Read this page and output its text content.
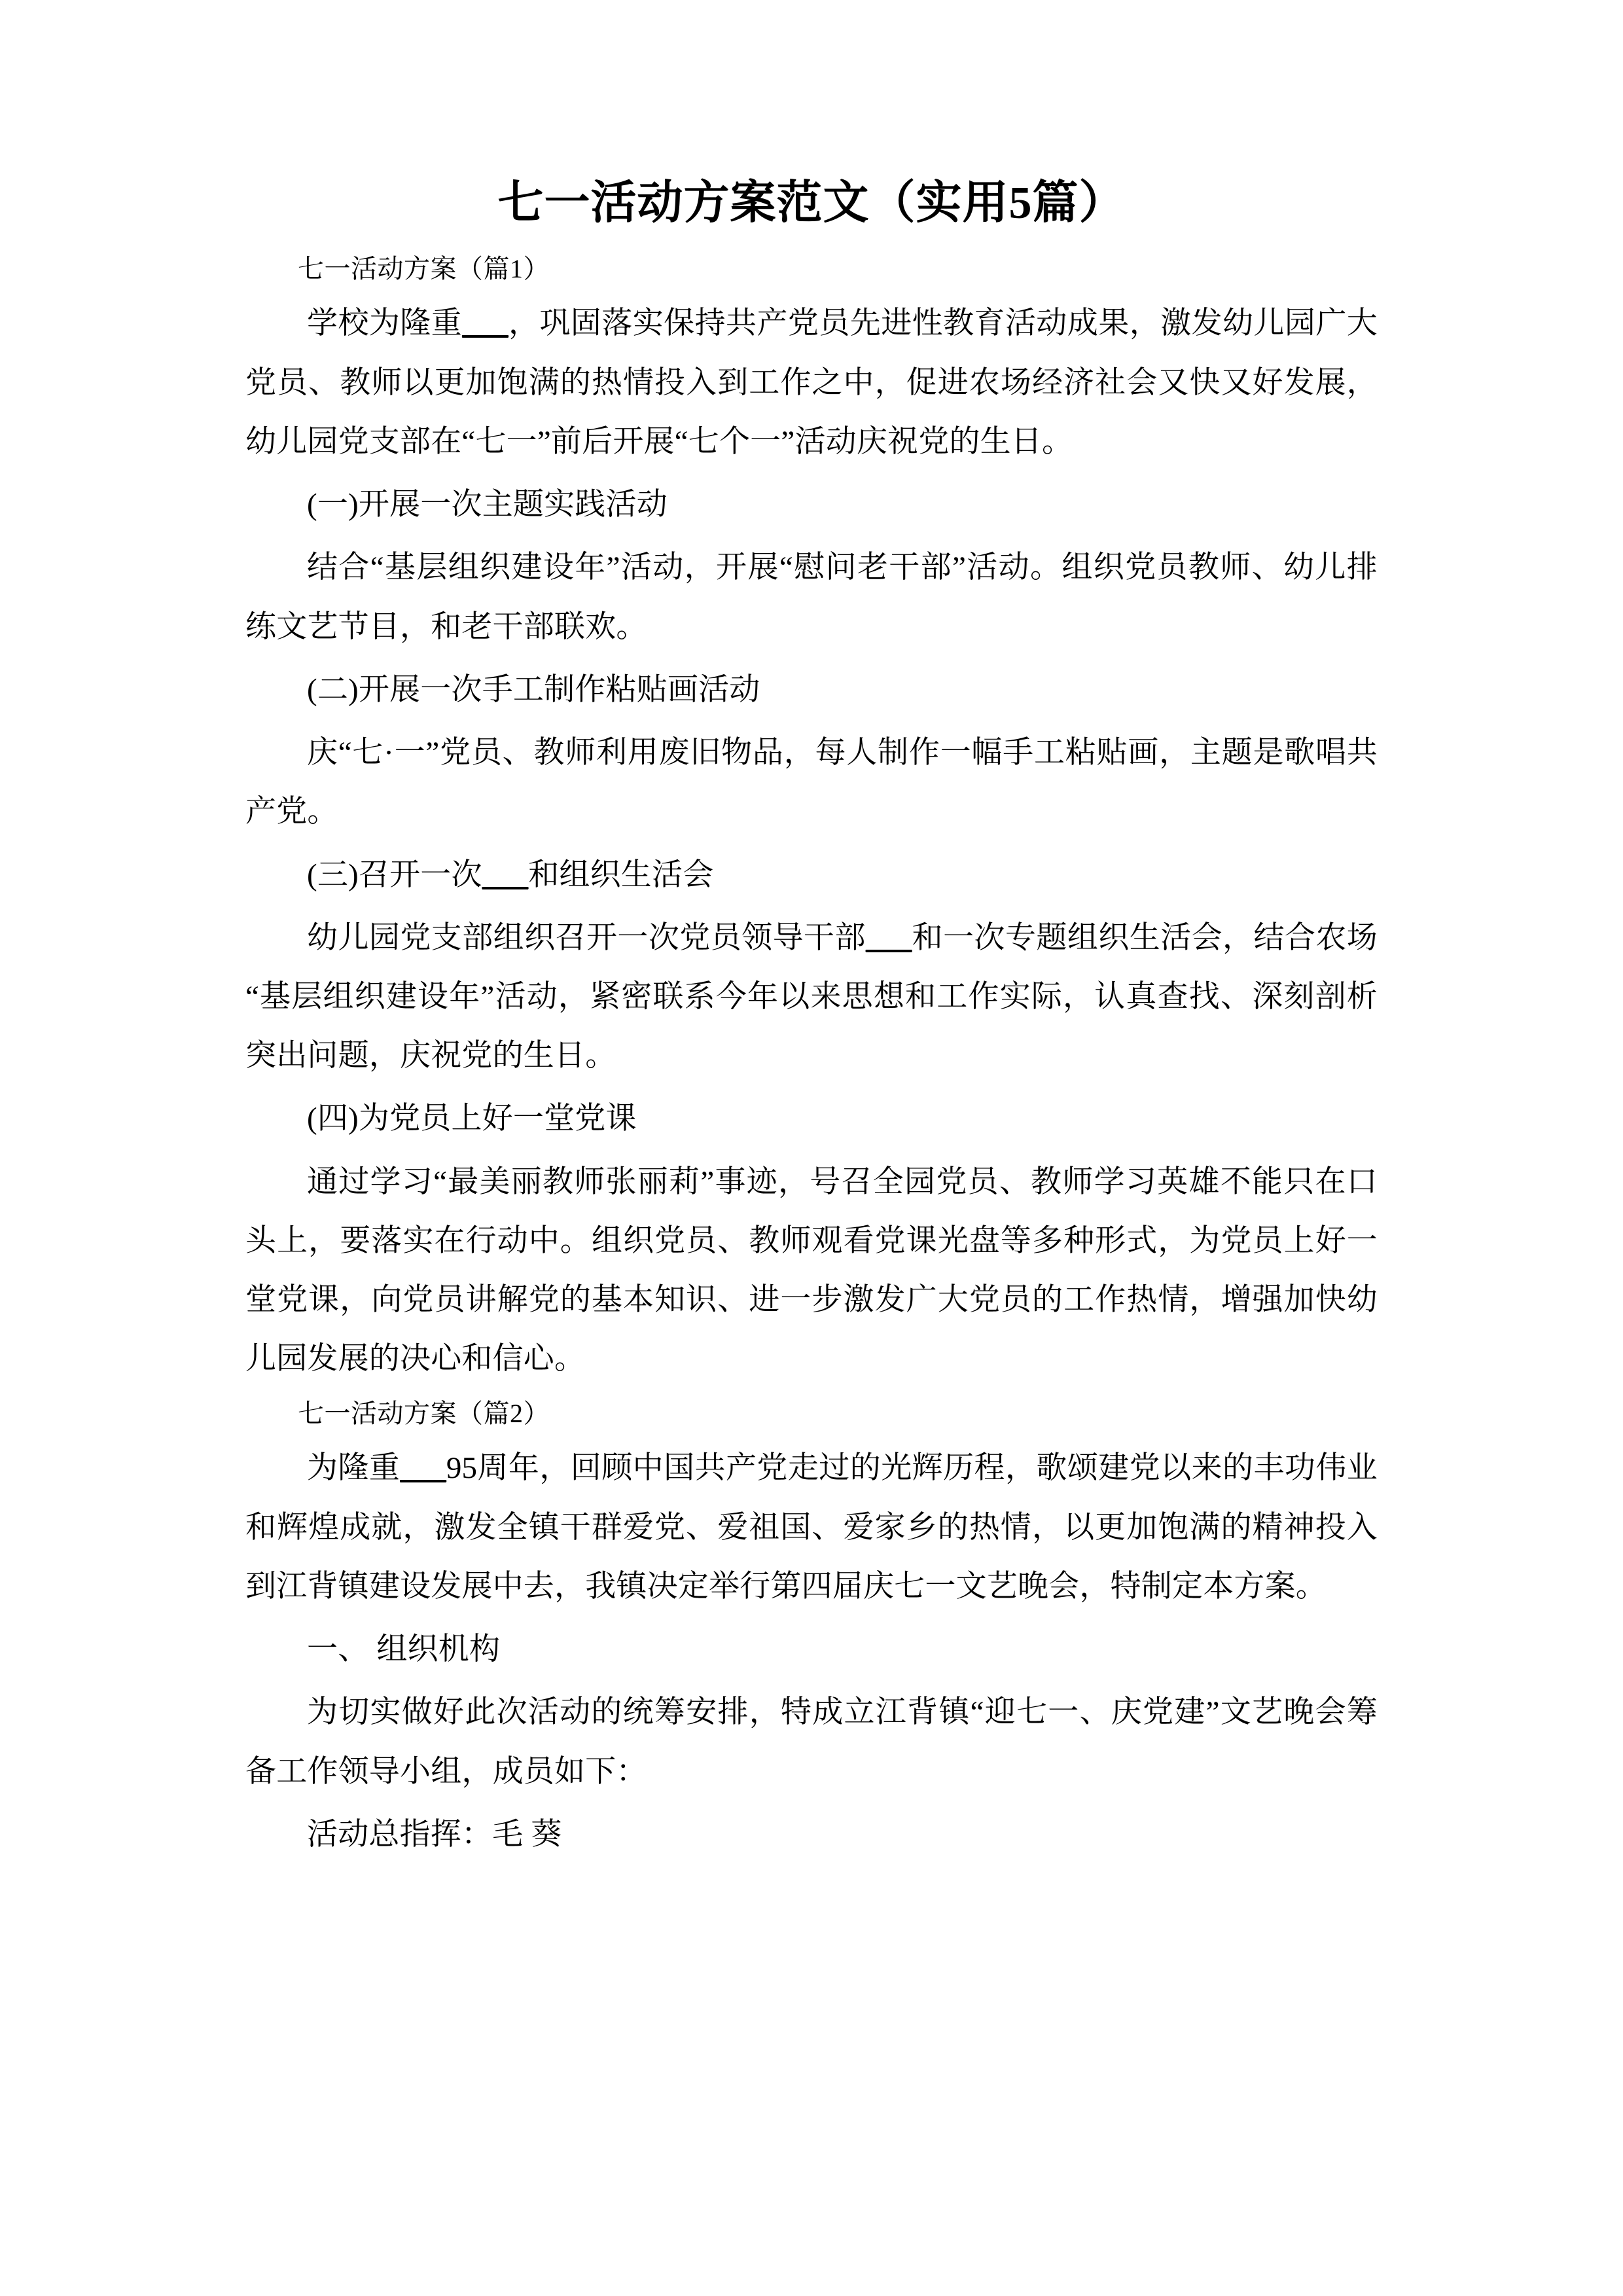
七一活动方案范文（实用5篇）

七一活动方案（篇1）

学校为隆重___，巩固落实保持共产党员先进性教育活动成果，激发幼儿园广大党员、教师以更加饱满的热情投入到工作之中，促进农场经济社会又快又好发展，幼儿园党支部在“七一”前后开展“七个一”活动庆祝党的生日。

(一)开展一次主题实践活动

结合“基层组织建设年”活动，开展“慰问老干部”活动。组织党员教师、幼儿排练文艺节目，和老干部联欢。

(二)开展一次手工制作粘贴画活动

庆“七·一”党员、教师利用废旧物品，每人制作一幅手工粘贴画，主题是歌唱共产党。

(三)召开一次___和组织生活会

幼儿园党支部组织召开一次党员领导干部___和一次专题组织生活会，结合农场“基层组织建设年”活动，紧密联系今年以来思想和工作实际，认真查找、深刻剖析突出问题，庆祝党的生日。

(四)为党员上好一堂党课

通过学习“最美丽教师张丽莉”事迹，号召全园党员、教师学习英雄不能只在口头上，要落实在行动中。组织党员、教师观看党课光盘等多种形式，为党员上好一堂党课，向党员讲解党的基本知识、进一步激发广大党员的工作热情，增强加快幼儿园发展的决心和信心。

七一活动方案（篇2）

为隆重___95周年，回顾中国共产党走过的光辉历程，歌颂建党以来的丰功伟业和辉煌成就，激发全镇干群爱党、爱祖国、爱家乡的热情，以更加饱满的精神投入到江背镇建设发展中去，我镇决定举行第四届庆七一文艺晚会，特制定本方案。

一、 组织机构

为切实做好此次活动的统筹安排，特成立江背镇“迎七一、庆党建”文艺晚会筹备工作领导小组，成员如下：

活动总指挥：毛 葵
